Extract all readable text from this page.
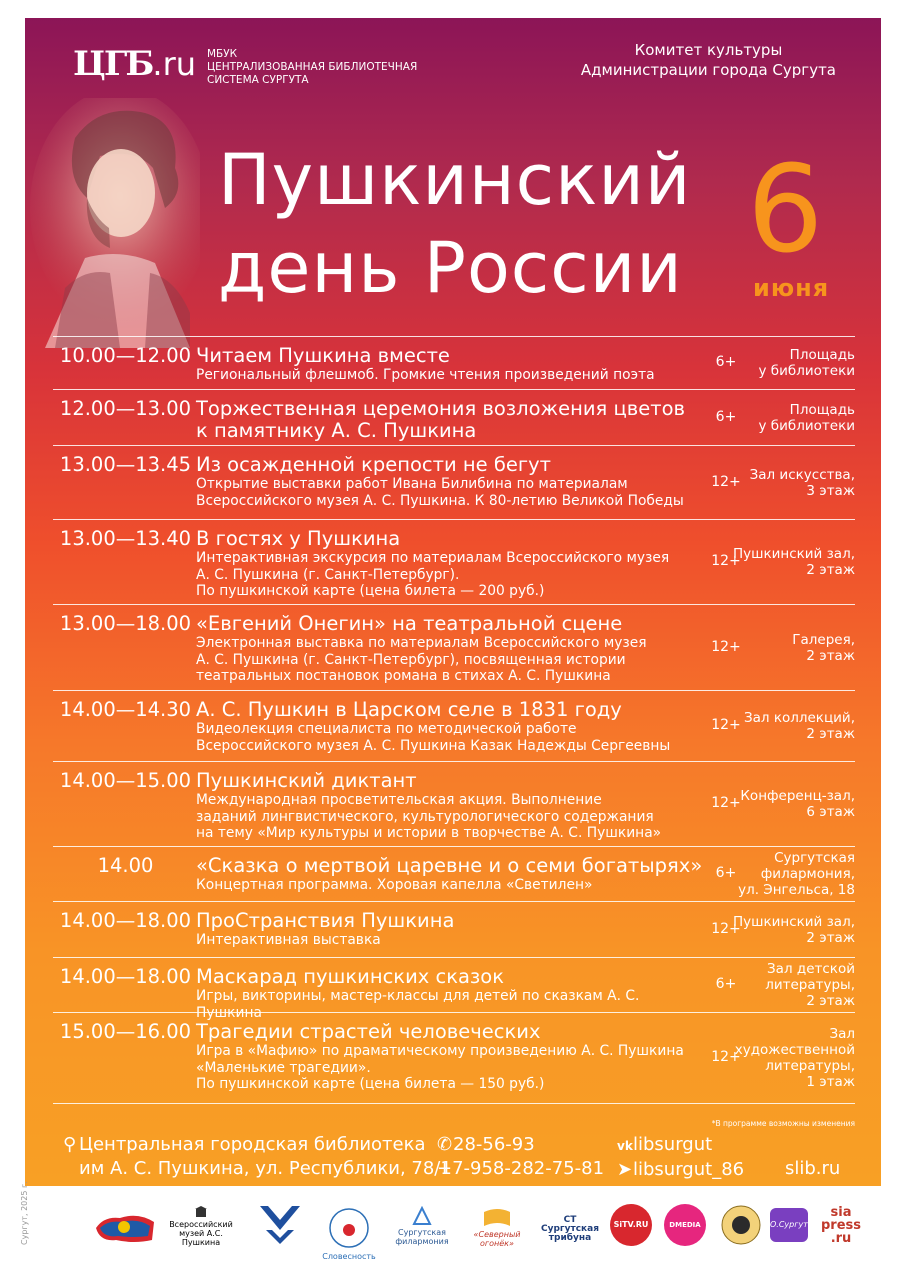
ЦГБ.ru МБУК
ЦЕНТРАЛИЗОВАННАЯ БИБЛИОТЕЧНАЯ
СИСТЕМА СУРГУТА
Комитет культуры
Администрации города Сургута
Пушкинский
день России 6
июня
10.00—12.00 Читаем Пушкина вместе
Региональный флешмоб. Громкие чтения произведений поэта
6+	Площадь
у библиотеки
12.00—13.00 Торжественная церемония возложения цветов
к памятнику А. С. Пушкина
6+	Площадь
у библиотеки
13.00—13.45 Из осажденной крепости не бегут
Открытие выставки работ Ивана Билибина по материалам
Всероссийского музея А. С. Пушкина. К 80-летию Великой Победы
12+ Зал искусства,
3 этаж
13.00—13.40 В гостях у Пушкина
Интерактивная экскурсия по материалам Всероссийского музея
А. С. Пушкина (г. Санкт-Петербург).
По пушкинской карте (цена билета — 200 руб.)
12+
Пушкинский зал,
2 этаж
13.00—18.00 «Евгений Онегин» на театральной сцене
Электронная выставка по материалам Всероссийского музея
А. С. Пушкина (г. Санкт-Петербург), посвященная истории
театральных постановок романа в стихах А. С. Пушкина
12+	Галерея,
2 этаж
14.00—14.30 А. С. Пушкин в Царском селе в 1831 году
Видеолекция специалиста по методической работе
Всероссийского музея А. С. Пушкина Казак Надежды Сергеевны
12+ Зал коллекций,
2 этаж
14.00—15.00 Пушкинский диктант
Международная просветительская акция. Выполнение
заданий лингвистического, культурологического содержания
на тему «Мир культуры и истории в творчестве А. С. Пушкина»
12+ Конференц-зал,
6 этаж
14.00	«Сказка о мертвой царевне и о семи богатырях»
Концертная программа. Хоровая капелла «Светилен»
6+
Сургутская
филармония,
ул. Энгельса, 18
14.00—18.00 ПроСтранствия Пушкина
Интерактивная выставка
12+
Пушкинский зал,
2 этаж
14.00—18.00 Маскарад пушкинских сказок
Игры, викторины, мастер-классы для детей по сказкам А. С. Пушкина
6+
Зал детской
литературы,
2 этаж
15.00—16.00 Трагедии страстей человеческих
Игра в «Мафию» по драматическому произведению А. С. Пушкина
«Маленькие трагедии».
По пушкинской карте (цена билета — 150 руб.)
12+
Зал
художественной
литературы,
1 этаж
*В программе возможны изменения
⚲ Центральная городская библиотека
им А. С. Пушкина, ул. Республики, 78/1
✆28-56-93
+7-958-282-75-81
vklibsurgut
➤libsurgut_86 slib.ru
Сургут, 2025 г.	Всероссийский музей А.С. Пушкина
Словесность
Сургутская филармония
«Северный огонёк»
СТ Сургутская трибуна
SiTV.RU	DMEDIA	О.Сургут!
sia press .ru
